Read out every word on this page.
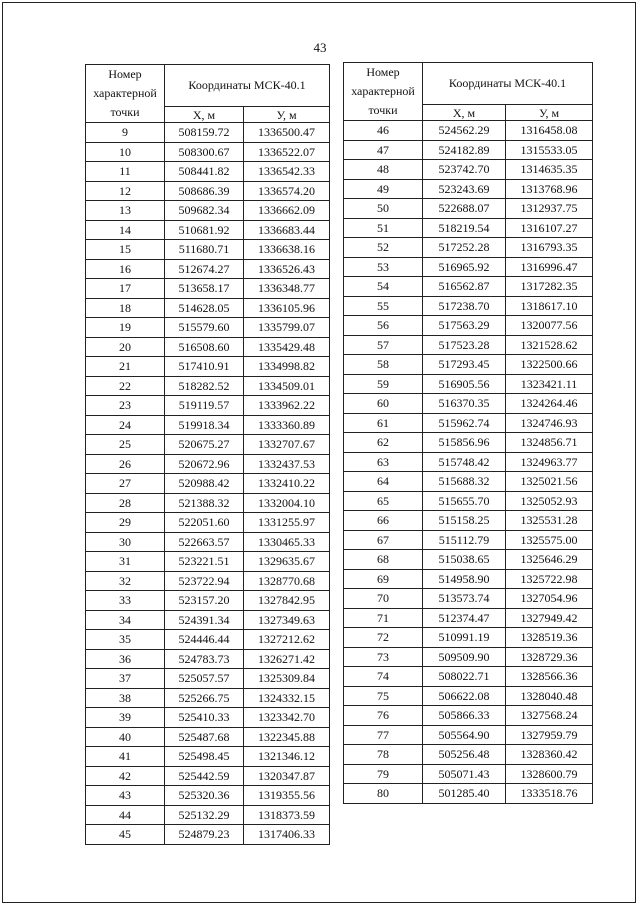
43
Номер характерной точки	Координаты МСК-40.1	
	X, м	У, м
9	508159.72	1336500.47
10	508300.67	1336522.07
11	508441.82	1336542.33
12	508686.39	1336574.20
13	509682.34	1336662.09
14	510681.92	1336683.44
15	511680.71	1336638.16
16	512674.27	1336526.43
17	513658.17	1336348.77
18	514628.05	1336105.96
19	515579.60	1335799.07
20	516508.60	1335429.48
21	517410.91	1334998.82
22	518282.52	1334509.01
23	519119.57	1333962.22
24	519918.34	1333360.89
25	520675.27	1332707.67
26	520672.96	1332437.53
27	520988.42	1332410.22
28	521388.32	1332004.10
29	522051.60	1331255.97
30	522663.57	1330465.33
31	523221.51	1329635.67
32	523722.94	1328770.68
33	523157.20	1327842.95
34	524391.34	1327349.63
35	524446.44	1327212.62
36	524783.73	1326271.42
37	525057.57	1325309.84
38	525266.75	1324332.15
39	525410.33	1323342.70
40	525487.68	1322345.88
41	525498.45	1321346.12
42	525442.59	1320347.87
43	525320.36	1319355.56
44	525132.29	1318373.59
45	524879.23	1317406.33
Номер характерной точки	Координаты МСК-40.1	
	X, м	У, м
46	524562.29	1316458.08
47	524182.89	1315533.05
48	523742.70	1314635.35
49	523243.69	1313768.96
50	522688.07	1312937.75
51	518219.54	1316107.27
52	517252.28	1316793.35
53	516965.92	1316996.47
54	516562.87	1317282.35
55	517238.70	1318617.10
56	517563.29	1320077.56
57	517523.28	1321528.62
58	517293.45	1322500.66
59	516905.56	1323421.11
60	516370.35	1324264.46
61	515962.74	1324746.93
62	515856.96	1324856.71
63	515748.42	1324963.77
64	515688.32	1325021.56
65	515655.70	1325052.93
66	515158.25	1325531.28
67	515112.79	1325575.00
68	515038.65	1325646.29
69	514958.90	1325722.98
70	513573.74	1327054.96
71	512374.47	1327949.42
72	510991.19	1328519.36
73	509509.90	1328729.36
74	508022.71	1328566.36
75	506622.08	1328040.48
76	505866.33	1327568.24
77	505564.90	1327959.79
78	505256.48	1328360.42
79	505071.43	1328600.79
80	501285.40	1333518.76
